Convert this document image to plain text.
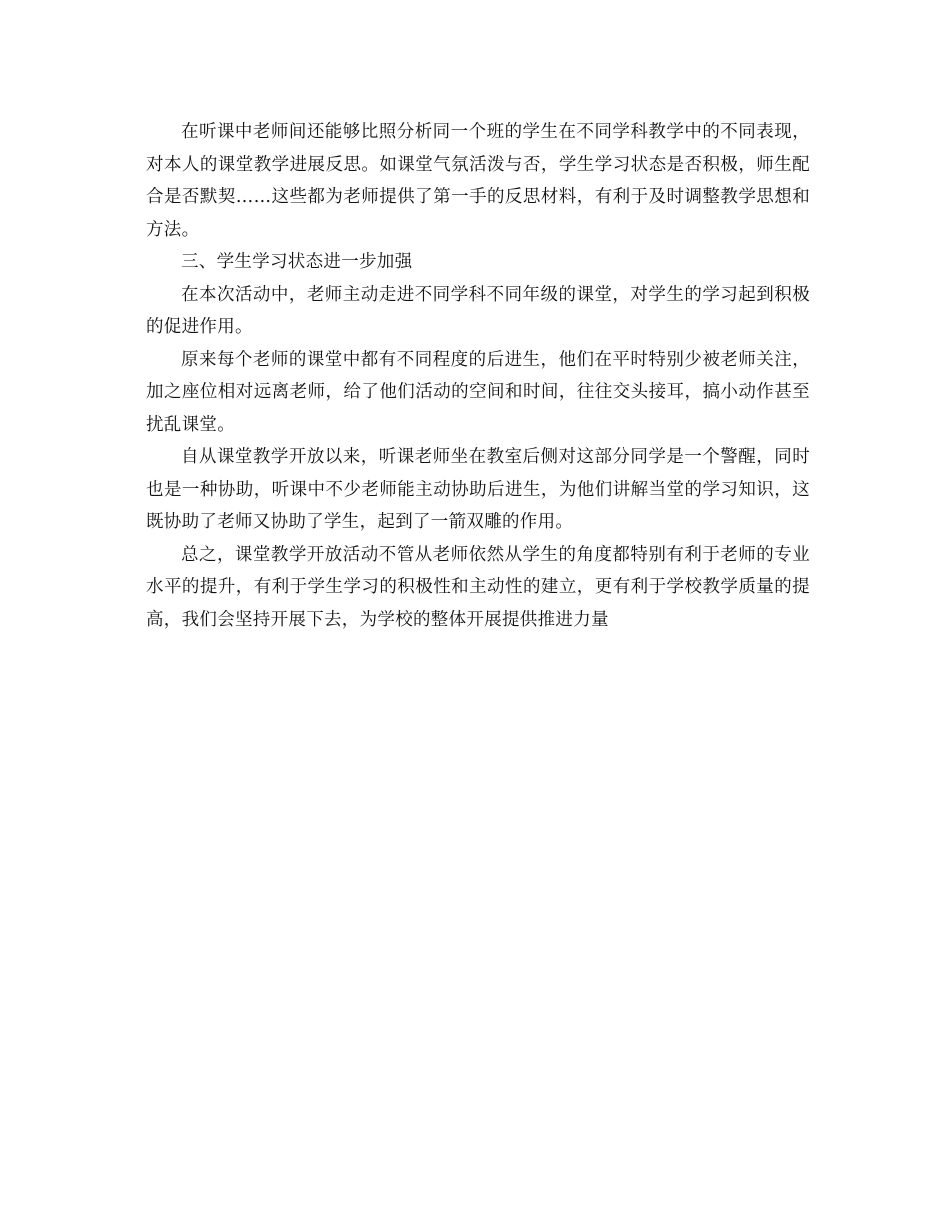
在听课中老师间还能够比照分析同一个班的学生在不同学科教学中的不同表现，对本人的课堂教学进展反思。如课堂气氛活泼与否，学生学习状态是否积极，师生配合是否默契……这些都为老师提供了第一手的反思材料，有利于及时调整教学思想和方法。

三、学生学习状态进一步加强

在本次活动中，老师主动走进不同学科不同年级的课堂，对学生的学习起到积极的促进作用。

原来每个老师的课堂中都有不同程度的后进生，他们在平时特别少被老师关注，加之座位相对远离老师，给了他们活动的空间和时间，往往交头接耳，搞小动作甚至扰乱课堂。

自从课堂教学开放以来，听课老师坐在教室后侧对这部分同学是一个警醒，同时也是一种协助，听课中不少老师能主动协助后进生，为他们讲解当堂的学习知识，这既协助了老师又协助了学生，起到了一箭双雕的作用。

总之，课堂教学开放活动不管从老师依然从学生的角度都特别有利于老师的专业水平的提升，有利于学生学习的积极性和主动性的建立，更有利于学校教学质量的提高，我们会坚持开展下去，为学校的整体开展提供推进力量
